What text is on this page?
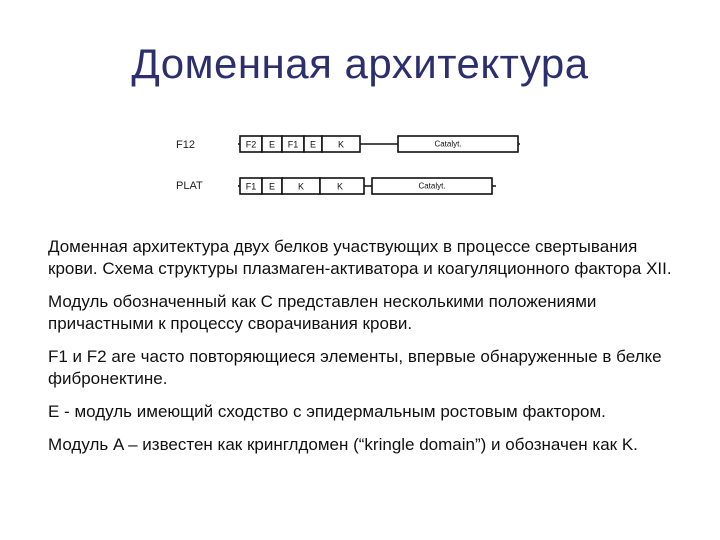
Доменная архитектура
F12	F2 E F1 E K	Catalyt.
PLAT	F1 E	K	K	Catalyt.

Доменная архитектура двух белков участвующих в процессе свертывания крови. Схема структуры плазмаген-активатора и коагуляционного фактора XII.

Модуль обозначенный как C представлен несколькими положениями причастными к процессу сворачивания крови.

F1 и F2 are часто повторяющиеся элементы, впервые обнаруженные в белке фибронектине.

E - модуль имеющий сходство с эпидермальным ростовым фактором.

Модуль A – известен как кринглдомен (“kringle domain”) и обозначен как K.
